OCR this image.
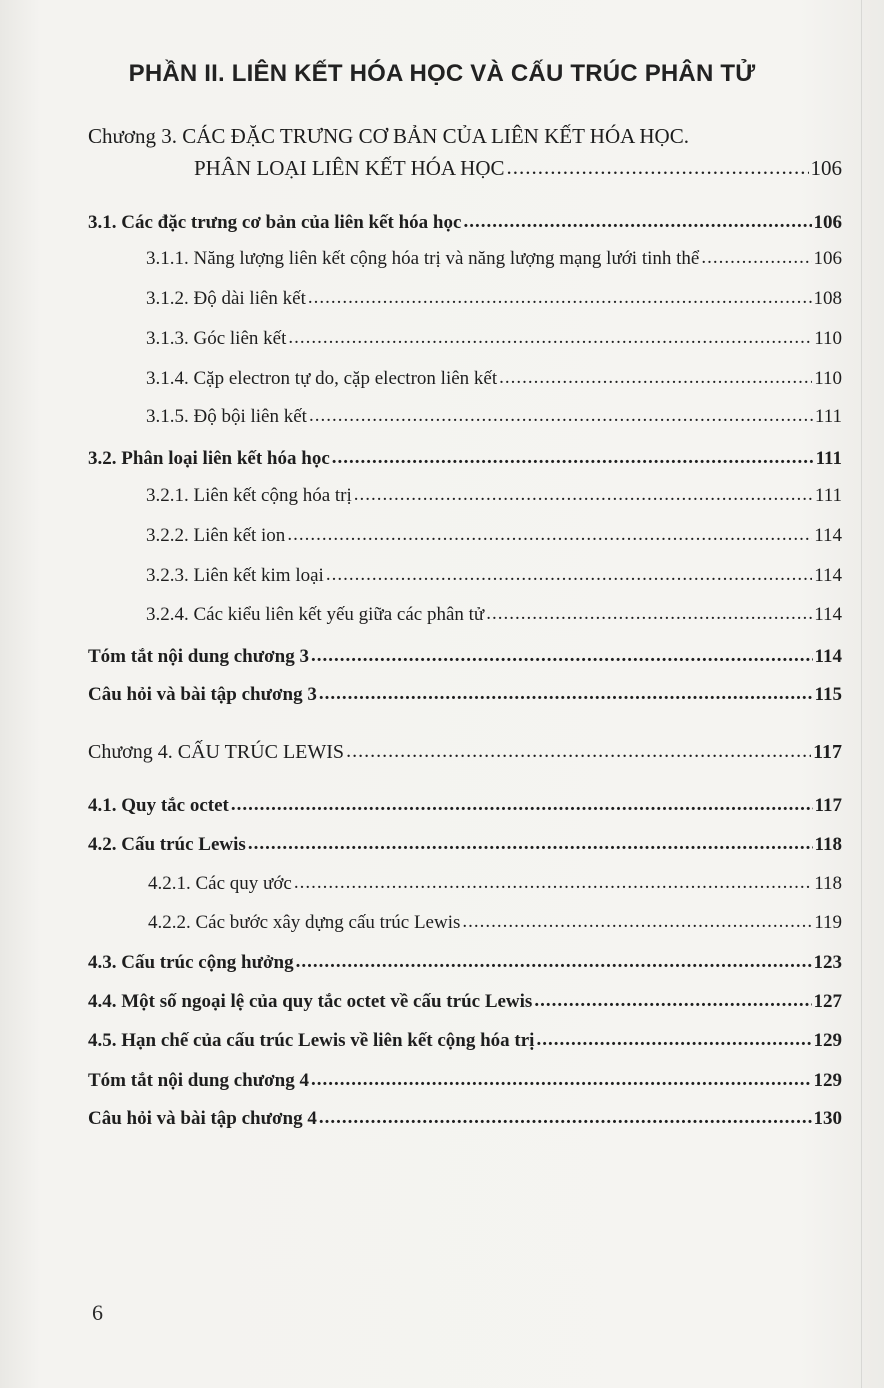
PHẦN II. LIÊN KẾT HÓA HỌC VÀ CẤU TRÚC PHÂN TỬ
Chương 3. CÁC ĐẶC TRƯNG CƠ BẢN CỦA LIÊN KẾT HÓA HỌC.
PHÂN LOẠI LIÊN KẾT HÓA HỌC .....	106
3.1. Các đặc trưng cơ bản của liên kết hóa học .....	106
3.1.1. Năng lượng liên kết cộng hóa trị và năng lượng mạng lưới tinh thể .....	106
3.1.2. Độ dài liên kết .....	108
3.1.3. Góc liên kết .....	110
3.1.4. Cặp electron tự do, cặp electron liên kết .....	110
3.1.5. Độ bội liên kết .....	111
3.2. Phân loại liên kết hóa học .....	111
3.2.1. Liên kết cộng hóa trị .....	111
3.2.2. Liên kết ion .....	114
3.2.3. Liên kết kim loại .....	114
3.2.4. Các kiểu liên kết yếu giữa các phân tử .....	114
Tóm tắt nội dung chương 3 .....	114
Câu hỏi và bài tập chương 3 .....	115
Chương 4. CẤU TRÚC LEWIS .....	117
4.1. Quy tắc octet .....	117
4.2. Cấu trúc Lewis .....	118
4.2.1. Các quy ước .....	118
4.2.2. Các bước xây dựng cấu trúc Lewis .....	119
4.3. Cấu trúc cộng hưởng .....	123
4.4. Một số ngoại lệ của quy tắc octet về cấu trúc Lewis .....	127
4.5. Hạn chế của cấu trúc Lewis về liên kết cộng hóa trị .....	129
Tóm tắt nội dung chương 4 .....	129
Câu hỏi và bài tập chương 4 .....	130
6
